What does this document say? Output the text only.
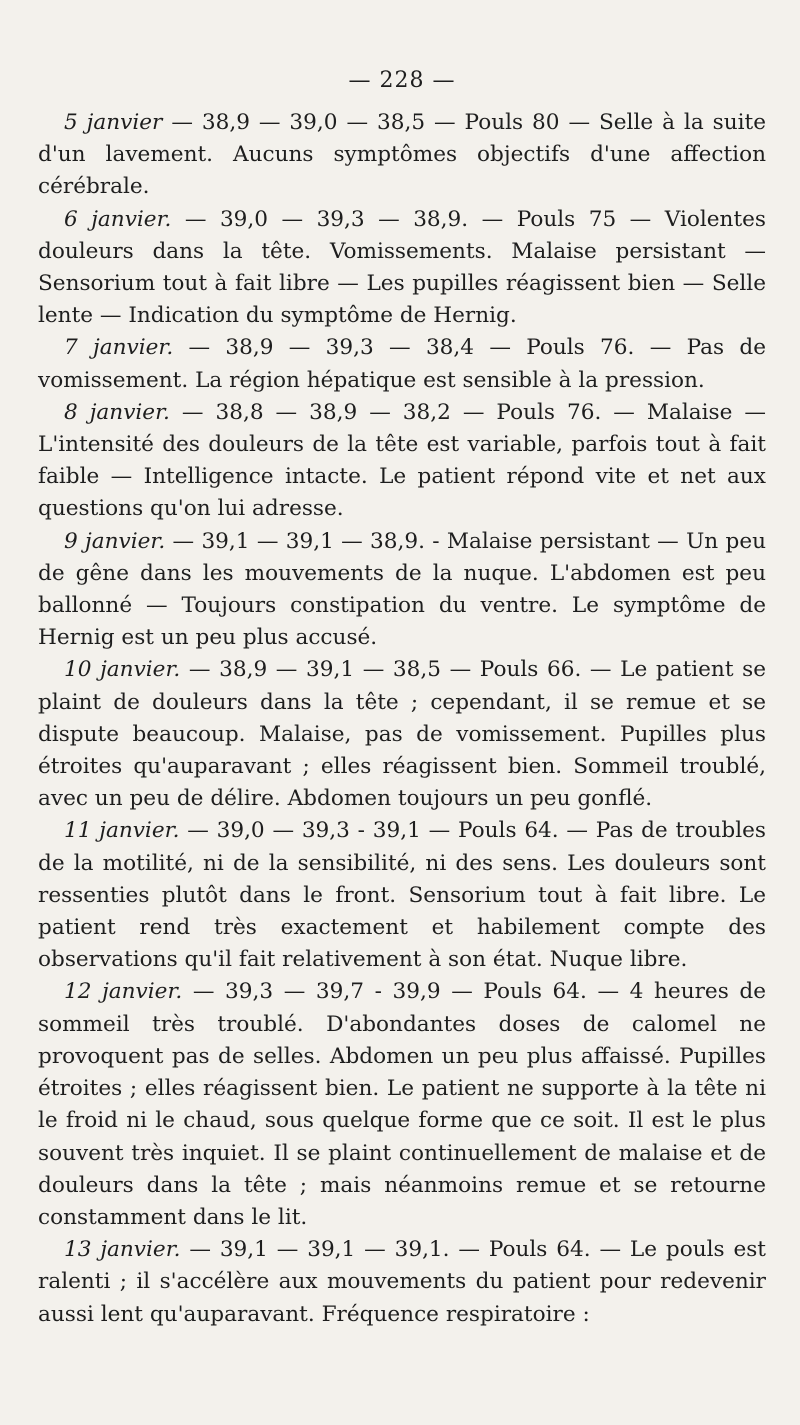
— 228 —

5 janvier — 38,9 — 39,0 — 38,5 — Pouls 80 — Selle à la suite d'un lavement. Aucuns symptômes objectifs d'une affection cérébrale.

6 janvier. — 39,0 — 39,3 — 38,9. — Pouls 75 — Violentes douleurs dans la tête. Vomissements. Malaise persistant — Sensorium tout à fait libre — Les pupilles réagissent bien — Selle lente — Indication du symptôme de Hernig.

7 janvier. — 38,9 — 39,3 — 38,4 — Pouls 76. — Pas de vomissement. La région hépatique est sensible à la pression.

8 janvier. — 38,8 — 38,9 — 38,2 — Pouls 76. — Malaise — L'intensité des douleurs de la tête est variable, parfois tout à fait faible — Intelligence intacte. Le patient répond vite et net aux questions qu'on lui adresse.

9 janvier. — 39,1 — 39,1 — 38,9. - Malaise persistant — Un peu de gêne dans les mouvements de la nuque. L'abdomen est peu ballonné — Toujours constipation du ventre. Le symptôme de Hernig est un peu plus accusé.

10 janvier. — 38,9 — 39,1 — 38,5 — Pouls 66. — Le patient se plaint de douleurs dans la tête ; cependant, il se remue et se dispute beaucoup. Malaise, pas de vomissement. Pupilles plus étroites qu'auparavant ; elles réagissent bien. Sommeil troublé, avec un peu de délire. Abdomen toujours un peu gonflé.

11 janvier. — 39,0 — 39,3 - 39,1 — Pouls 64. — Pas de troubles de la motilité, ni de la sensibilité, ni des sens. Les douleurs sont ressenties plutôt dans le front. Sensorium tout à fait libre. Le patient rend très exactement et habilement compte des observations qu'il fait relativement à son état. Nuque libre.

12 janvier. — 39,3 — 39,7 - 39,9 — Pouls 64. — 4 heures de sommeil très troublé. D'abondantes doses de calomel ne provoquent pas de selles. Abdomen un peu plus affaissé. Pupilles étroites ; elles réagissent bien. Le patient ne supporte à la tête ni le froid ni le chaud, sous quelque forme que ce soit. Il est le plus souvent très inquiet. Il se plaint continuellement de malaise et de douleurs dans la tête ; mais néanmoins remue et se retourne constamment dans le lit.

13 janvier. — 39,1 — 39,1 — 39,1. — Pouls 64. — Le pouls est ralenti ; il s'accélère aux mouvements du patient pour redevenir aussi lent qu'auparavant. Fréquence respiratoire :
